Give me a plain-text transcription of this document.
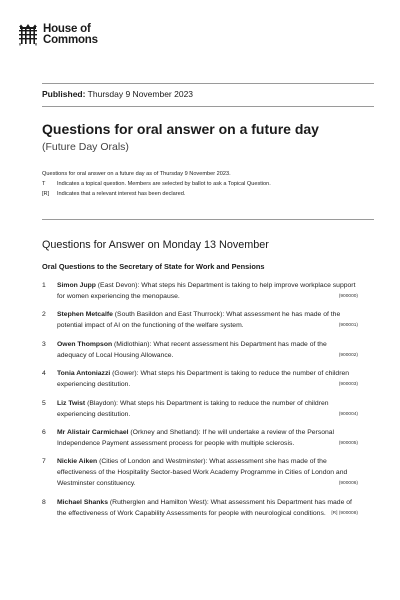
House of
Commons
Published: Thursday 9 November 2023
Questions for oral answer on a future day
(Future Day Orals)
Questions for oral answer on a future day as of Thursday 9 November 2023.
T	Indicates a topical question. Members are selected by ballot to ask a Topical Question.
[R]	Indicates that a relevant interest has been declared.
Questions for Answer on Monday 13 November
Oral Questions to the Secretary of State for Work and Pensions
1	Simon Jupp (East Devon): What steps his Department is taking to help improve workplace support for women experiencing the menopause.	(900000)
2	Stephen Metcalfe (South Basildon and East Thurrock): What assessment he has made of the potential impact of AI on the functioning of the welfare system.	(900001)
3	Owen Thompson (Midlothian): What recent assessment his Department has made of the adequacy of Local Housing Allowance.	(900002)
4	Tonia Antoniazzi (Gower): What steps his Department is taking to reduce the number of children experiencing destitution.	(900003)
5	Liz Twist (Blaydon): What steps his Department is taking to reduce the number of children experiencing destitution.	(900004)
6	Mr Alistair Carmichael (Orkney and Shetland): If he will undertake a review of the Personal Independence Payment assessment process for people with multiple sclerosis.	(900005)
7	Nickie Aiken (Cities of London and Westminster): What assessment she has made of the effectiveness of the Hospitality Sector-based Work Academy Programme in Cities of London and Westminster constituency.	(900006)
8	Michael Shanks (Rutherglen and Hamilton West): What assessment his Department has made of the effectiveness of Work Capability Assessments for people with neurological conditions.	[R] (900008)
